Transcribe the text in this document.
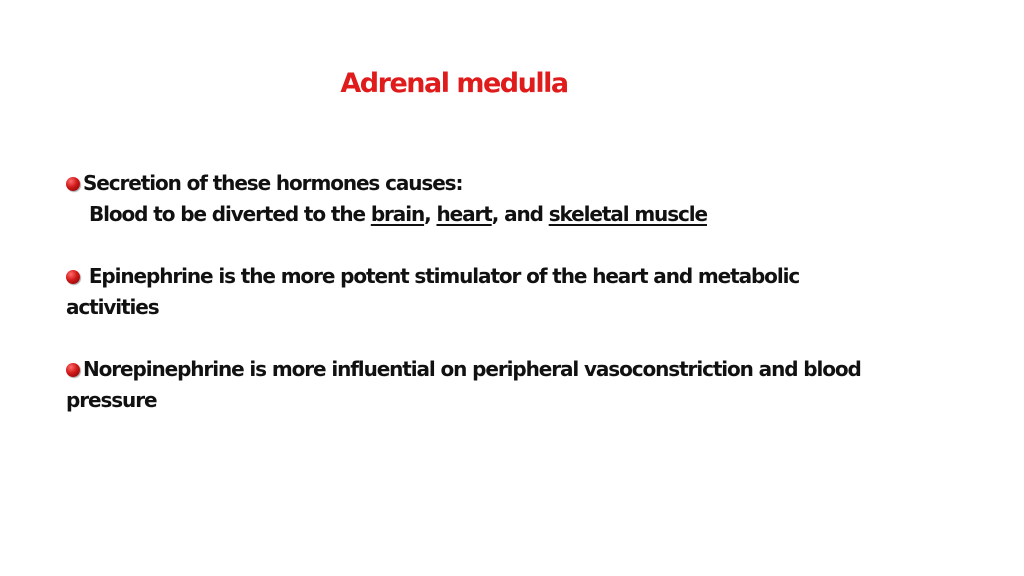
Adrenal medulla

Secretion of these hormones causes:

Blood to be diverted to the brain, heart, and skeletal muscle

Epinephrine is the more potent stimulator of the heart and metabolic activities

Norepinephrine is more influential on peripheral vasoconstriction and blood pressure
